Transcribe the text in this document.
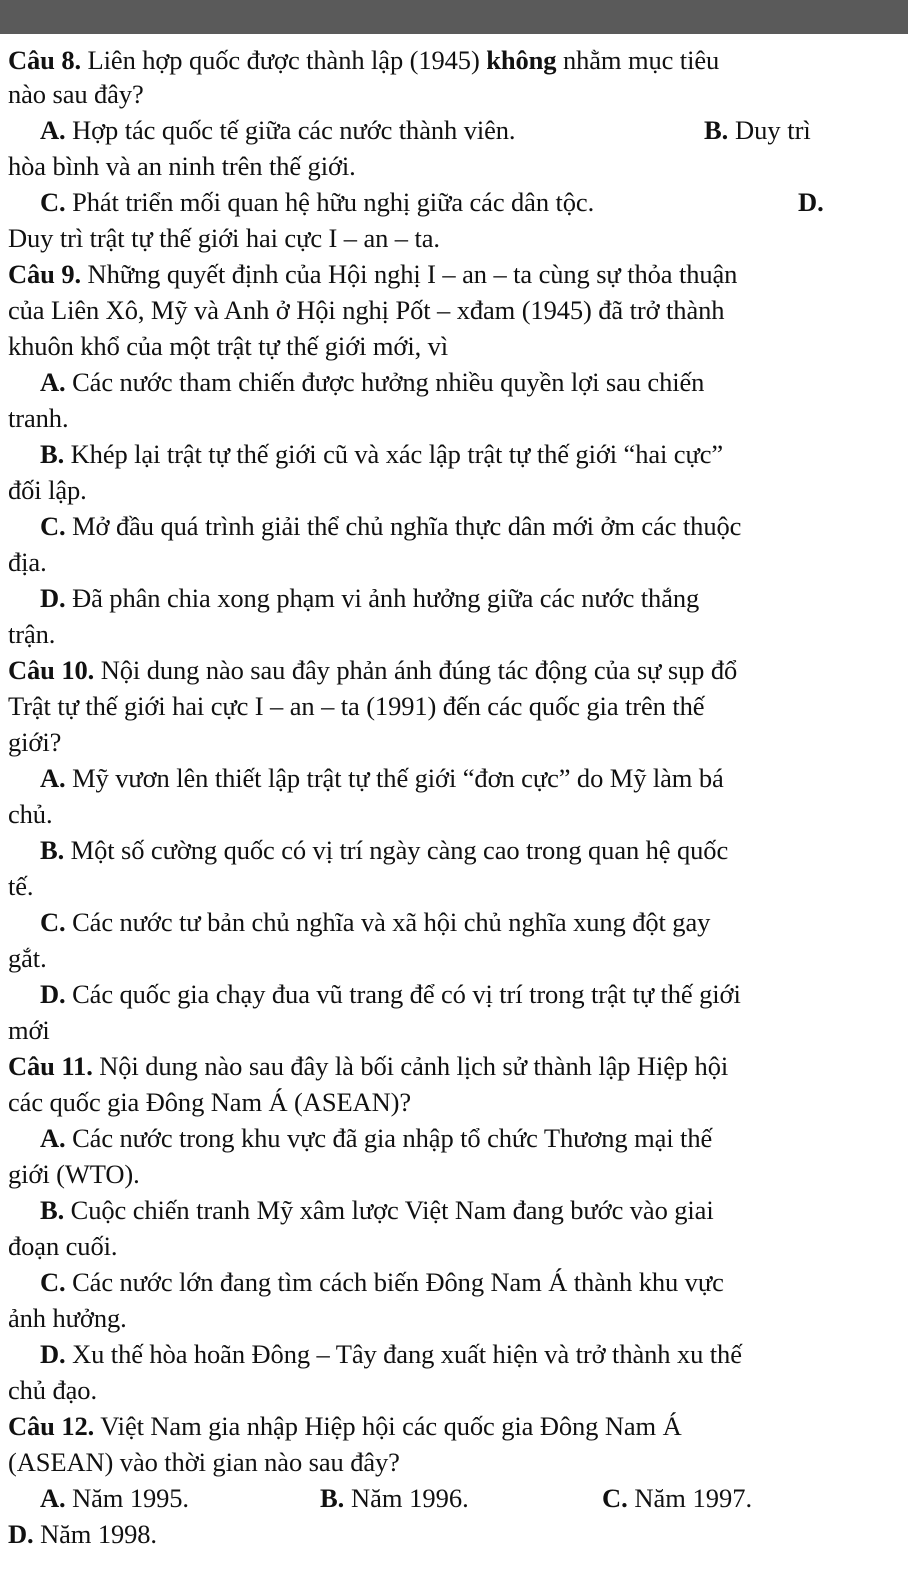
Câu 8. Liên hợp quốc được thành lập (1945) không nhằm mục tiêu
nào sau đây?
A. Hợp tác quốc tế giữa các nước thành viên.	B. Duy trì
hòa bình và an ninh trên thế giới.
C. Phát triển mối quan hệ hữu nghị giữa các dân tộc.	D.
Duy trì trật tự thế giới hai cực I – an – ta.
Câu 9. Những quyết định của Hội nghị I – an – ta cùng sự thỏa thuận
của Liên Xô, Mỹ và Anh ở Hội nghị Pốt – xđam (1945) đã trở thành
khuôn khổ của một trật tự thế giới mới, vì
A. Các nước tham chiến được hưởng nhiều quyền lợi sau chiến
tranh.
B. Khép lại trật tự thế giới cũ và xác lập trật tự thế giới “hai cực”
đối lập.
C. Mở đầu quá trình giải thể chủ nghĩa thực dân mới ởm các thuộc
địa.
D. Đã phân chia xong phạm vi ảnh hưởng giữa các nước thắng
trận.
Câu 10. Nội dung nào sau đây phản ánh đúng tác động của sự sụp đổ
Trật tự thế giới hai cực I – an – ta (1991) đến các quốc gia trên thế
giới?
A. Mỹ vươn lên thiết lập trật tự thế giới “đơn cực” do Mỹ làm bá
chủ.
B. Một số cường quốc có vị trí ngày càng cao trong quan hệ quốc
tế.
C. Các nước tư bản chủ nghĩa và xã hội chủ nghĩa xung đột gay
gắt.
D. Các quốc gia chạy đua vũ trang để có vị trí trong trật tự thế giới
mới
Câu 11. Nội dung nào sau đây là bối cảnh lịch sử thành lập Hiệp hội
các quốc gia Đông Nam Á (ASEAN)?
A. Các nước trong khu vực đã gia nhập tổ chức Thương mại thế
giới (WTO).
B. Cuộc chiến tranh Mỹ xâm lược Việt Nam đang bước vào giai
đoạn cuối.
C. Các nước lớn đang tìm cách biến Đông Nam Á thành khu vực
ảnh hưởng.
D. Xu thế hòa hoãn Đông – Tây đang xuất hiện và trở thành xu thế
chủ đạo.
Câu 12. Việt Nam gia nhập Hiệp hội các quốc gia Đông Nam Á
(ASEAN) vào thời gian nào sau đây?
A. Năm 1995.	B. Năm 1996.	C. Năm 1997.
D. Năm 1998.
